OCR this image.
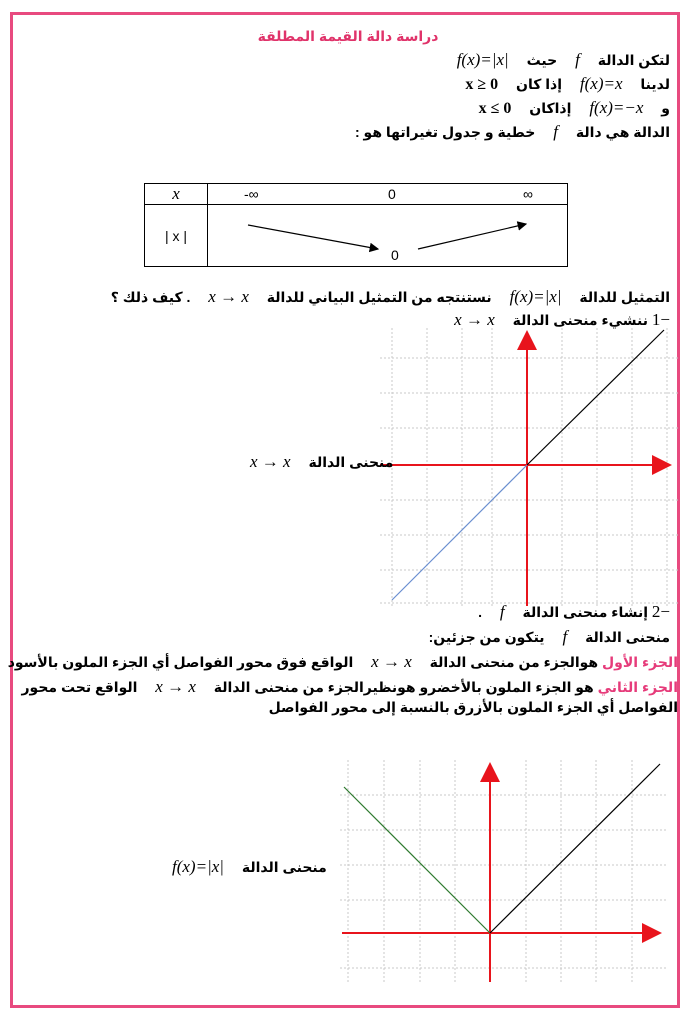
دراسة دالة القيمة المطلقة
لتكن الدالة f حيث f(x)=|x|
لدينا f(x)=x إذا كان x ≥ 0
و f(x)=−x إذاكان x ≤ 0
الدالة هي دالة f خطية و جدول تغيراتها هو :
x	-∞ 0 ∞

| x |	0
التمثيل للدالة f(x)=|x| نستنتجه من التمثيل البياني للدالة x → x . كيف ذلك ؟
1− ننشيء منحنى الدالة x → x
منحنى الدالة x → x
2− إنشاء منحنى الدالة f .
منحنى الدالة f يتكون من جزئين:
الجزء الأول هوالجزء من منحنى الدالة x → x الواقع فوق محور الفواصل أي الجزء الملون بالأسود
الجزء الثاني هو الجزء الملون بالأخضرو هونظيرالجزء من منحنى الدالة x → x الواقع تحت محور
الفواصل أي الجزء الملون بالأزرق بالنسبة إلى محور الفواصل
منحنى الدالة f(x)=|x|
